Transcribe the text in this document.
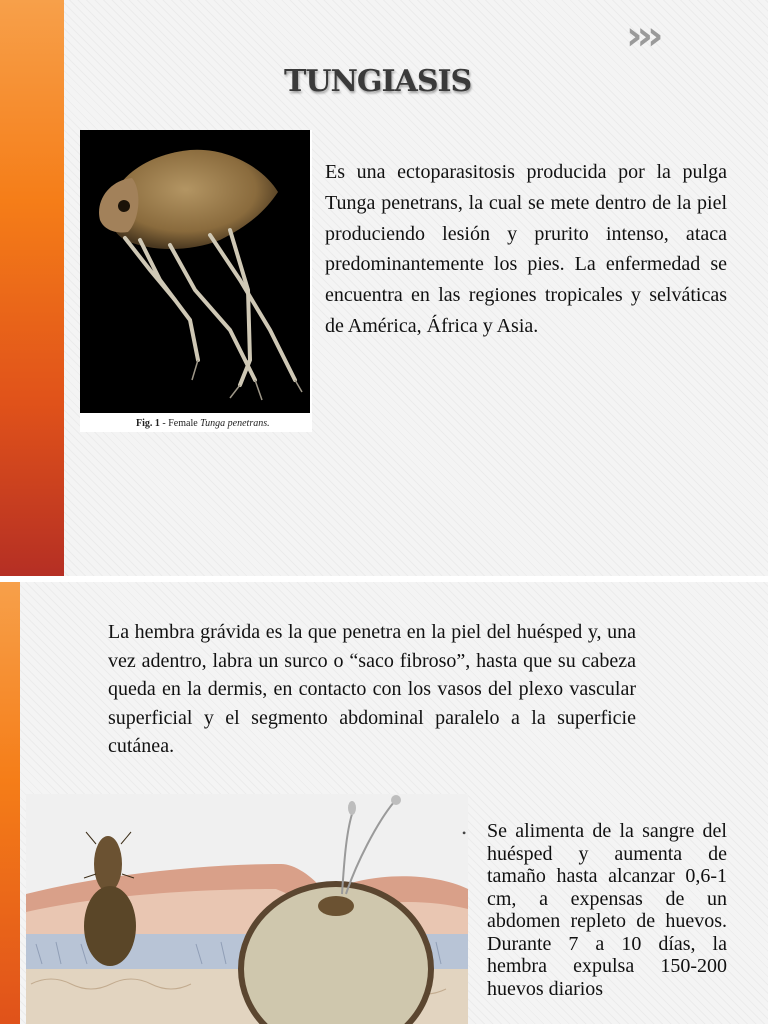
›››
TUNGIASIS
Fig. 1 - Female Tunga penetrans.

Es una ectoparasitosis producida por la pulga Tunga penetrans, la cual se mete dentro de la piel produciendo lesión y prurito intenso, ataca predominantemente los pies. La enfermedad se encuentra en las regiones tropicales y selváticas de América, África y Asia.

La hembra grávida es la que penetra en la piel del huésped y, una vez adentro, labra un surco o “saco fibroso”, hasta que su cabeza queda en la dermis, en contacto con los vasos del plexo vascular superficial y el segmento abdominal paralelo a la superficie cutánea.

• Se alimenta de la sangre del huésped y aumenta de tamaño hasta alcanzar 0,6-1 cm, a expensas de un abdomen repleto de huevos. Durante 7 a 10 días, la hembra expulsa 150-200 huevos diarios
